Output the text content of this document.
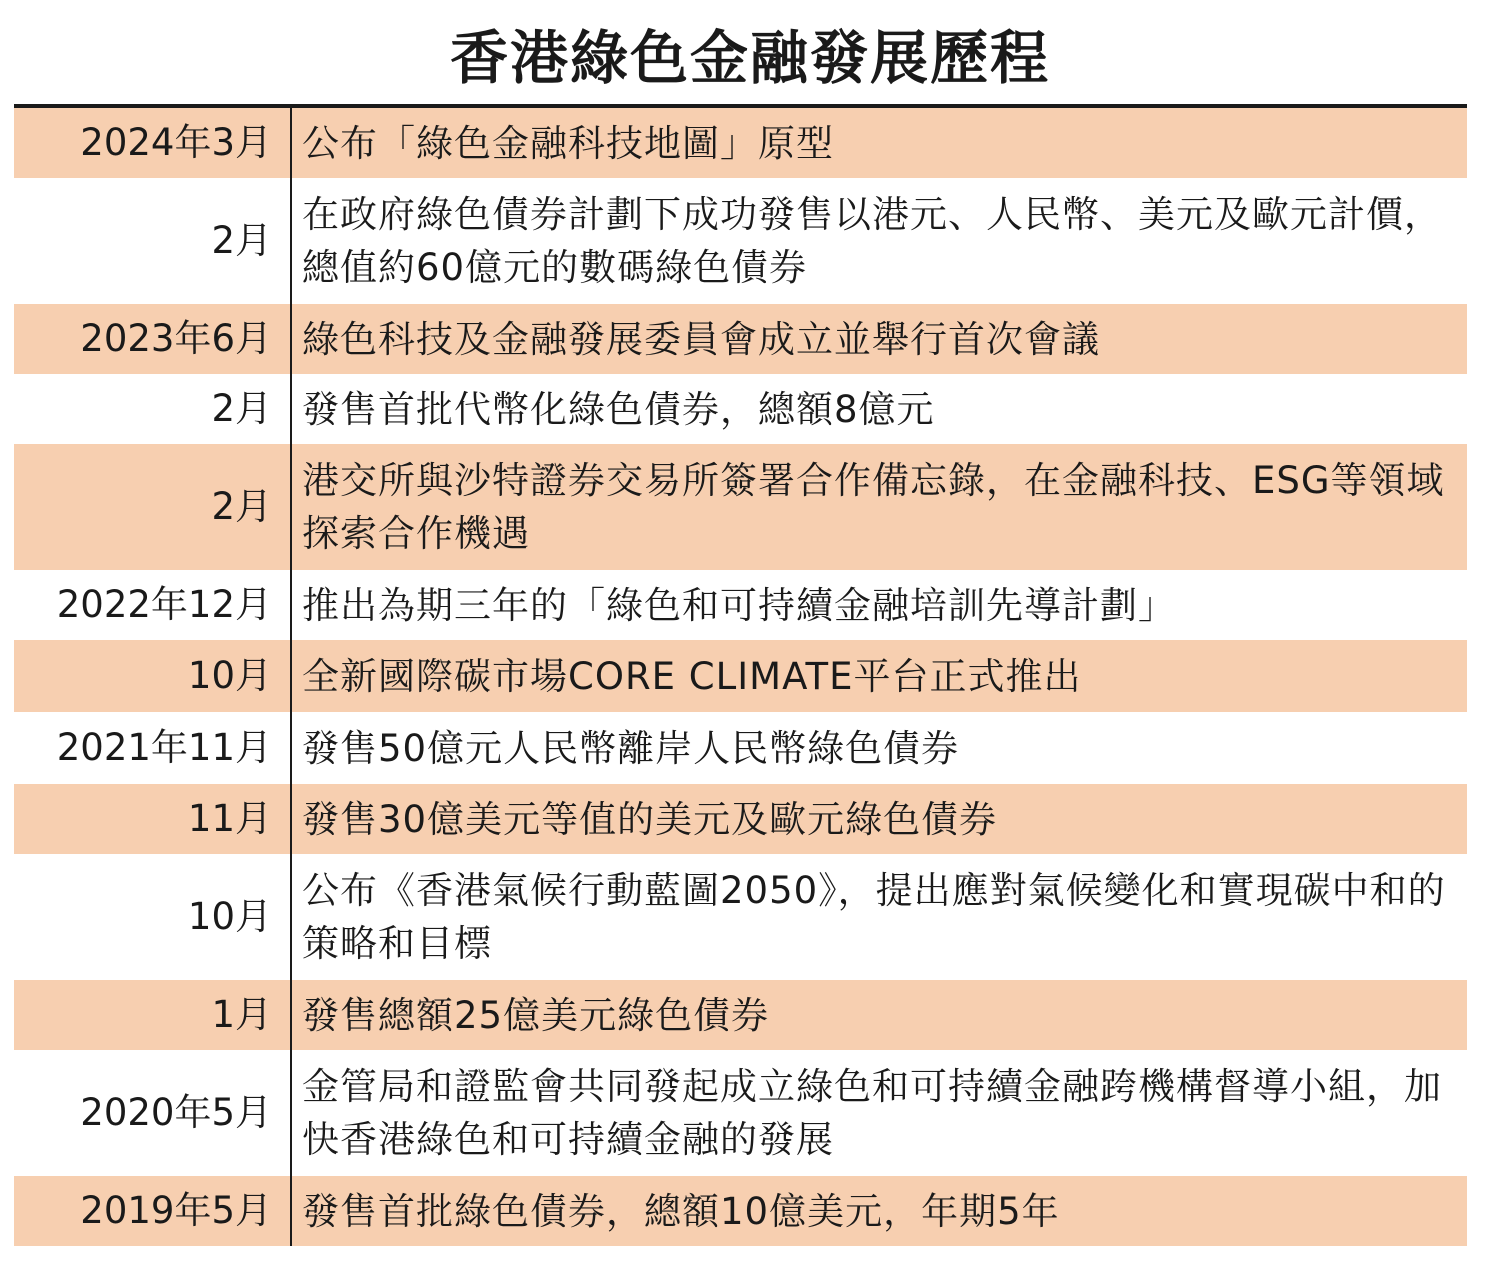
香港綠色金融發展歷程
2024年3月 公布「綠色金融科技地圖」原型
2月
在政府綠色債券計劃下成功發售以港元、人民幣、美元及歐元計價，總值約60億元的數碼綠色債券
2023年6月 綠色科技及金融發展委員會成立並舉行首次會議
2月 發售首批代幣化綠色債券，總額8億元
2月
港交所與沙特證券交易所簽署合作備忘錄，在金融科技、ESG等領域探索合作機遇
2022年12月 推出為期三年的「綠色和可持續金融培訓先導計劃」
10月 全新國際碳市場CORE CLIMATE平台正式推出
2021年11月 發售50億元人民幣離岸人民幣綠色債券
11月 發售30億美元等值的美元及歐元綠色債券
10月
公布《香港氣候行動藍圖2050》，提出應對氣候變化和實現碳中和的策略和目標
1月 發售總額25億美元綠色債券
2020年5月
金管局和證監會共同發起成立綠色和可持續金融跨機構督導小組，加快香港綠色和可持續金融的發展
2019年5月 發售首批綠色債券，總額10億美元，年期5年
